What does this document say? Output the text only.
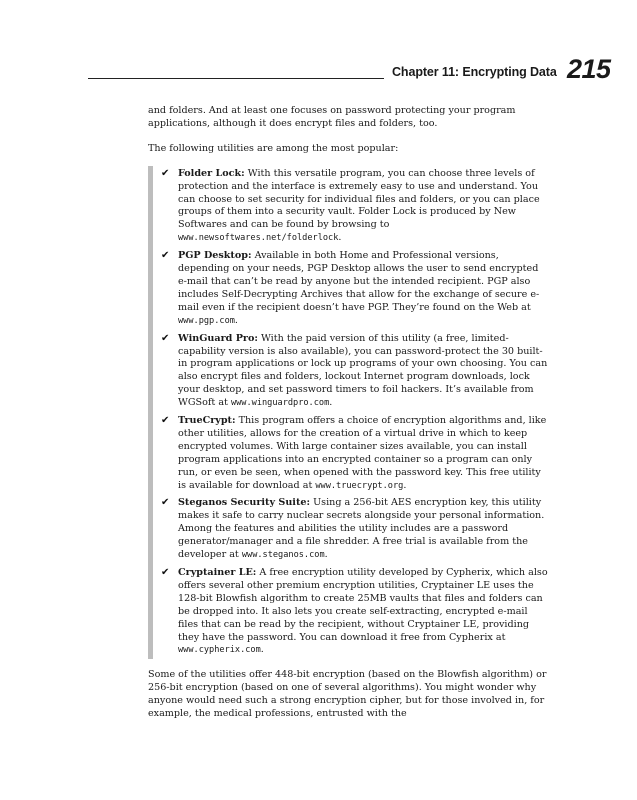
Chapter 11: Encrypting Data 215

and folders. And at least one focuses on password protecting your program applications, although it does encrypt files and folders, too.

The following utilities are among the most popular:

✔ Folder Lock: With this versatile program, you can choose three levels of protection and the interface is extremely easy to use and understand. You can choose to set security for individual files and folders, or you can place groups of them into a security vault. Folder Lock is produced by New Softwares and can be found by browsing to www.newsoftwares.net/folderlock.
✔ PGP Desktop: Available in both Home and Professional versions, depending on your needs, PGP Desktop allows the user to send encrypted e-mail that can’t be read by anyone but the intended recipient. PGP also includes Self-Decrypting Archives that allow for the exchange of secure e-mail even if the recipient doesn’t have PGP. They’re found on the Web at www.pgp.com.
✔ WinGuard Pro: With the paid version of this utility (a free, limited-capability version is also available), you can password-protect the 30 built-in program applications or lock up programs of your own choosing. You can also encrypt files and folders, lockout Internet program downloads, lock your desktop, and set password timers to foil hackers. It’s available from WGSoft at www.winguardpro.com.
✔ TrueCrypt: This program offers a choice of encryption algorithms and, like other utilities, allows for the creation of a virtual drive in which to keep encrypted volumes. With large container sizes available, you can install program applications into an encrypted container so a program can only run, or even be seen, when opened with the password key. This free utility is available for download at www.truecrypt.org.
✔ Steganos Security Suite: Using a 256-bit AES encryption key, this utility makes it safe to carry nuclear secrets alongside your personal information. Among the features and abilities the utility includes are a password generator/manager and a file shredder. A free trial is available from the developer at www.steganos.com.
✔ Cryptainer LE: A free encryption utility developed by Cypherix, which also offers several other premium encryption utilities, Cryptainer LE uses the 128-bit Blowfish algorithm to create 25MB vaults that files and folders can be dropped into. It also lets you create self-extracting, encrypted e-mail files that can be read by the recipient, without Cryptainer LE, providing they have the password. You can download it free from Cypherix at www.cypherix.com.

Some of the utilities offer 448-bit encryption (based on the Blowfish algorithm) or 256-bit encryption (based on one of several algorithms). You might wonder why anyone would need such a strong encryption cipher, but for those involved in, for example, the medical professions, entrusted with the
